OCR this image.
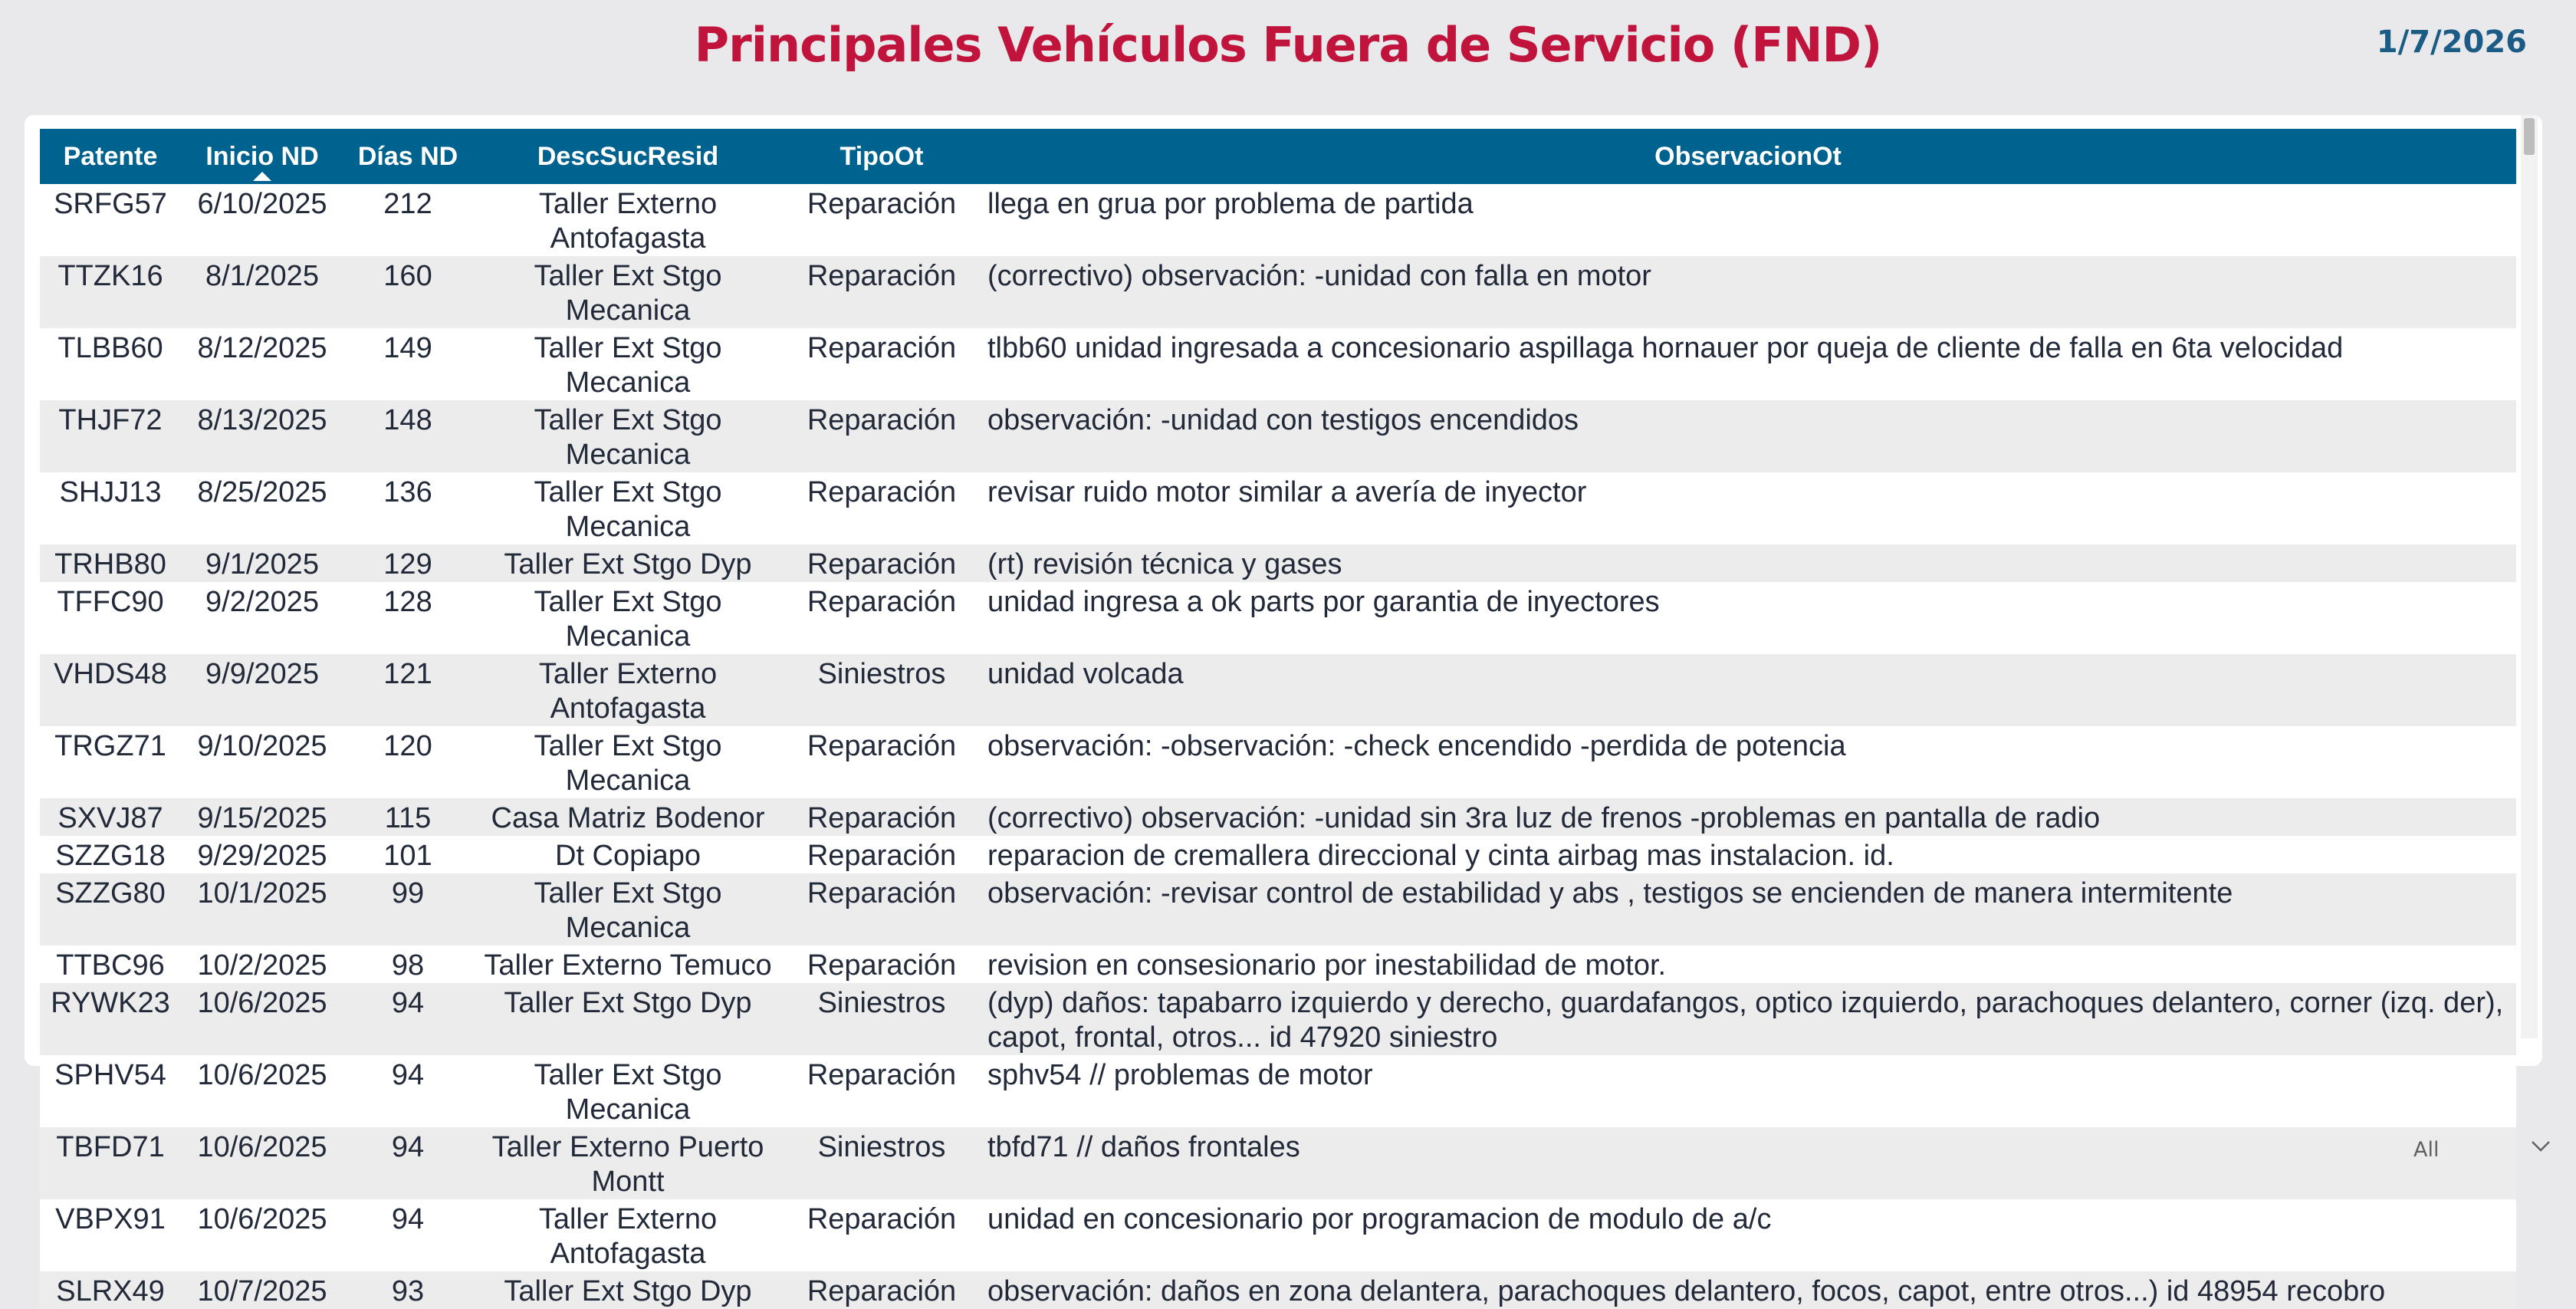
Principales Vehículos Fuera de Servicio (FND)	1/7/2026
Patente	Inicio ND	Días ND	DescSucResid	TipoOt	ObservacionOt
SRFG57	6/10/2025	212	Taller Externo Antofagasta	Reparación	llega en grua por problema de partida
TTZK16	8/1/2025	160	Taller Ext Stgo Mecanica	Reparación	(correctivo) observación: -unidad con falla en motor
TLBB60	8/12/2025	149	Taller Ext Stgo Mecanica	Reparación	tlbb60 unidad ingresada a concesionario aspillaga hornauer por queja de cliente de falla en 6ta velocidad
THJF72	8/13/2025	148	Taller Ext Stgo Mecanica	Reparación	observación: -unidad con testigos encendidos
SHJJ13	8/25/2025	136	Taller Ext Stgo Mecanica	Reparación	revisar ruido motor similar a avería de inyector
TRHB80	9/1/2025	129	Taller Ext Stgo Dyp	Reparación	(rt) revisión técnica y gases
TFFC90	9/2/2025	128	Taller Ext Stgo Mecanica	Reparación	unidad ingresa a ok parts por garantia de inyectores
VHDS48	9/9/2025	121	Taller Externo Antofagasta	Siniestros	unidad volcada
TRGZ71	9/10/2025	120	Taller Ext Stgo Mecanica	Reparación	observación: -observación: -check encendido -perdida de potencia
SXVJ87	9/15/2025	115	Casa Matriz Bodenor	Reparación	(correctivo) observación: -unidad sin 3ra luz de frenos -problemas en pantalla de radio
SZZG18	9/29/2025	101	Dt Copiapo	Reparación	reparacion de cremallera direccional y cinta airbag mas instalacion. id.
SZZG80	10/1/2025	99	Taller Ext Stgo Mecanica	Reparación	observación: -revisar control de estabilidad y abs , testigos se encienden de manera intermitente
TTBC96	10/2/2025	98	Taller Externo Temuco	Reparación	revision en consesionario por inestabilidad de motor.
RYWK23	10/6/2025	94	Taller Ext Stgo Dyp	Siniestros	(dyp) daños: tapabarro izquierdo y derecho, guardafangos, optico izquierdo, parachoques delantero, corner (izq. der), capot, frontal, otros... id 47920 siniestro
SPHV54	10/6/2025	94	Taller Ext Stgo Mecanica	Reparación	sphv54 // problemas de motor
TBFD71	10/6/2025	94	Taller Externo Puerto Montt	Siniestros	tbfd71 // daños frontales
VBPX91	10/6/2025	94	Taller Externo Antofagasta	Reparación	unidad en concesionario por programacion de modulo de a/c
SLRX49	10/7/2025	93	Taller Ext Stgo Dyp	Reparación	observación: daños en zona delantera, parachoques delantero, focos, capot, entre otros...) id 48954 recobro
All
